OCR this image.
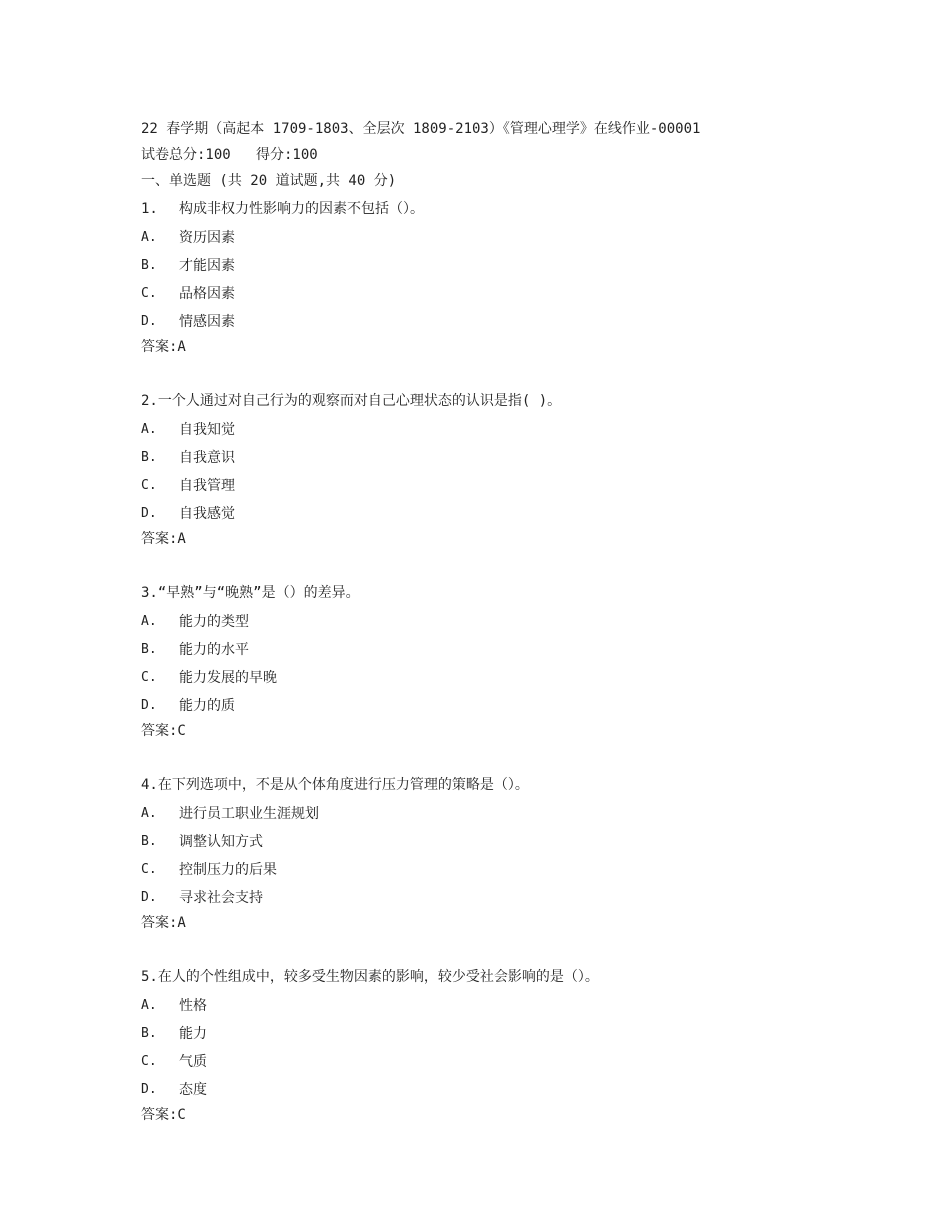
22 春学期（高起本 1709-1803、全层次 1809-2103）《管理心理学》在线作业-00001
试卷总分:100   得分:100
一、单选题 (共 20 道试题,共 40 分)
1. 构成非权力性影响力的因素不包括（）。
A.	资历因素
B.	才能因素
C.	品格因素
D.	情感因素
答案:A
2.一个人通过对自己行为的观察而对自己心理状态的认识是指( )。
A.	自我知觉
B.	自我意识
C.	自我管理
D.	自我感觉
答案:A
3.“早熟”与“晚熟”是（）的差异。
A.	能力的类型
B.	能力的水平
C.	能力发展的早晚
D.	能力的质
答案:C
4.在下列选项中，不是从个体角度进行压力管理的策略是（）。
A.	进行员工职业生涯规划
B.	调整认知方式
C.	控制压力的后果
D.	寻求社会支持
答案:A
5.在人的个性组成中，较多受生物因素的影响，较少受社会影响的是（）。
A.	性格
B.	能力
C.	气质
D.	态度
答案:C
